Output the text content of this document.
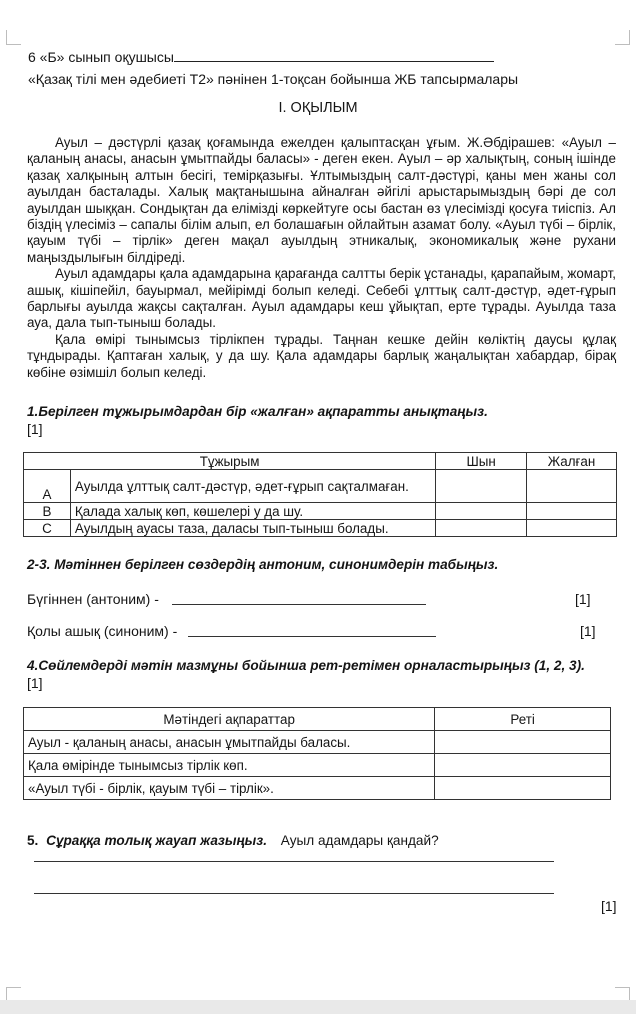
6 «Б» сынып оқушысы
«Қазақ тілі мен әдебиеті Т2» пәнінен 1-тоқсан бойынша ЖБ тапсырмалары
I. ОҚЫЛЫМ

Ауыл – дәстүрлі қазақ қоғамында ежелден қалыптасқан ұғым. Ж.Әбдірашев: «Ауыл – қаланың анасы, анасын ұмытпайды баласы» - деген екен. Ауыл – әр халықтың, соның ішінде қазақ халқының алтын бесігі, темірқазығы. Ұлтымыздың салт-дәстүрі, қаны мен жаны сол ауылдан басталады. Халық мақтанышына айналған әйгілі арыстарымыздың бәрі де сол ауылдан шыққан. Сондықтан да елімізді көркейтуге осы бастан өз үлесімізді қосуға тиіспіз. Ал біздің үлесіміз – сапалы білім алып, ел болашағын ойлайтын азамат болу. «Ауыл түбі – бірлік, қауым түбі – тірлік» деген мақал ауылдың этникалық, экономикалық және рухани маңыздылығын білдіреді.

Ауыл адамдары қала адамдарына қарағанда салтты берік ұстанады, қарапайым, жомарт, ашық, кішіпейіл, бауырмал, мейірімді болып келеді. Себебі ұлттық салт-дәстүр, әдет-ғұрып барлығы ауылда жақсы сақталған. Ауыл адамдары кеш ұйықтап, ерте тұрады. Ауылда таза ауа, дала тып-тыныш болады.

Қала өмірі тынымсыз тірлікпен тұрады. Таңнан кешке дейін көліктің даусы құлақ тұндырады. Қаптаған халық, у да шу. Қала адамдары барлық жаңалықтан хабардар, бірақ көбіне өзімшіл болып келеді.

1.Берілген тұжырымдардан бір «жалған» ақпаратты анықтаңыз.
[1]
Тұжырым		Шын	Жалған
A	Ауылда ұлттық салт-дәстүр, әдет-ғұрып сақталмаған.		
B	Қалада халық көп, көшелері у да шу.		
C	Ауылдың ауасы таза, даласы тып-тыныш болады.		
2-3. Мәтіннен берілген сөздердің антоним, синонимдерін табыңыз.
Бүгіннен (антоним) -	[1]
Қолы ашық (синоним) -	[1]
4.Сөйлемдерді мәтін мазмұны бойынша рет-ретімен орналастырыңыз (1, 2, 3).
[1]
Мәтіндегі ақпараттар	Реті
Ауыл - қаланың анасы, анасын ұмытпайды баласы.	
Қала өмірінде тынымсыз тірлік көп.	
«Ауыл түбі - бірлік, қауым түбі – тірлік».	
5. Сұраққа толық жауап жазыңыз. Ауыл адамдары қандай?
[1]
